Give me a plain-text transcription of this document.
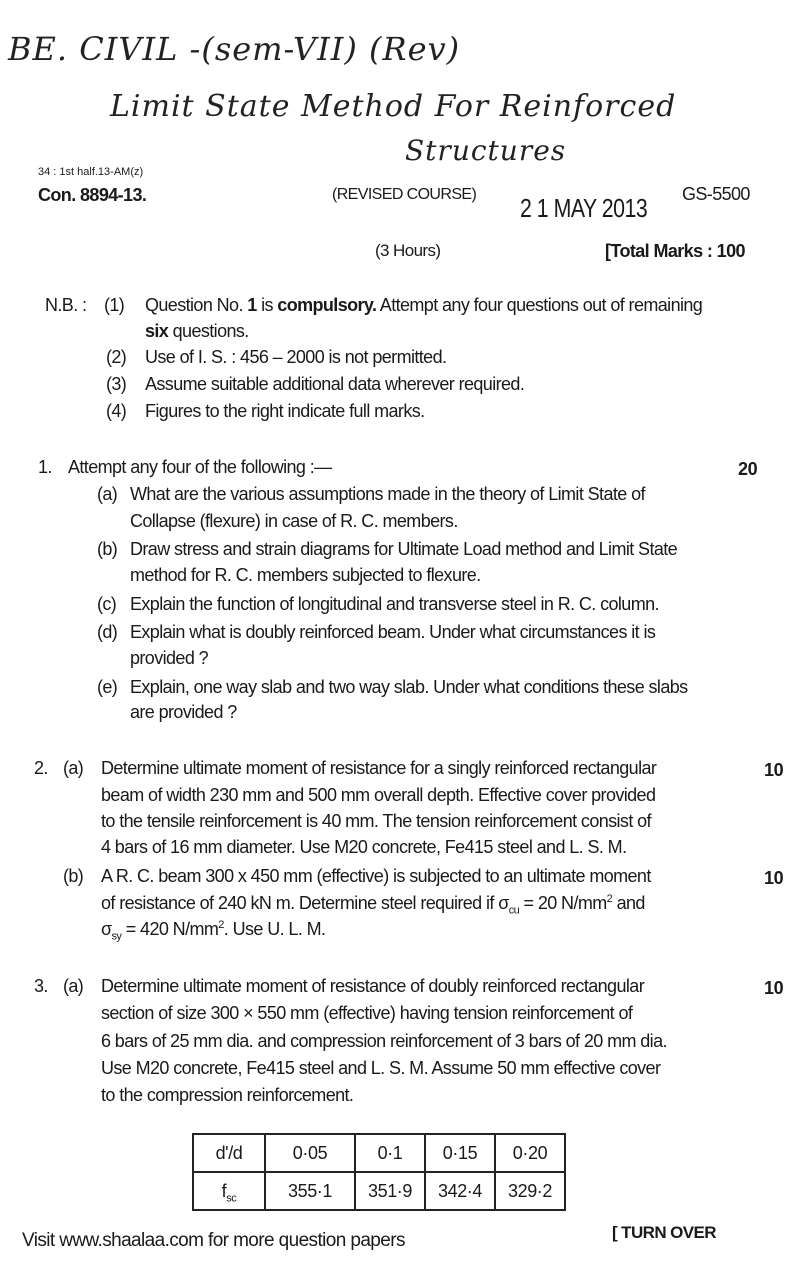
BE. CIVIL -(sem-VII) (Rev)
Limit State Method For Reinforced
Structures
34 : 1st half.13-AM(z)
Con. 8894-13.	(REVISED COURSE) 2 1 MAY 2013 GS-5500
(3 Hours)	[Total Marks : 100
N.B. : (1) Question No. 1 is compulsory. Attempt any four questions out of remaining
six questions.
(2) Use of I. S. : 456 – 2000 is not permitted.
(3) Assume suitable additional data wherever required.
(4) Figures to the right indicate full marks.
1. Attempt any four of the following :—	20
(a) What are the various assumptions made in the theory of Limit State of
Collapse (flexure) in case of R. C. members.
(b) Draw stress and strain diagrams for Ultimate Load method and Limit State
method for R. C. members subjected to flexure.
(c) Explain the function of longitudinal and transverse steel in R. C. column.
(d) Explain what is doubly reinforced beam. Under what circumstances it is
provided ?
(e) Explain, one way slab and two way slab. Under what conditions these slabs
are provided ?
2. (a)	10
Determine ultimate moment of resistance for a singly reinforced rectangular
beam of width 230 mm and 500 mm overall depth. Effective cover provided
to the tensile reinforcement is 40 mm. The tension reinforcement consist of
4 bars of 16 mm diameter. Use M20 concrete, Fe415 steel and L. S. M.
(b)	10
A R. C. beam 300 x 450 mm (effective) is subjected to an ultimate moment
of resistance of 240 kN m. Determine steel required if $\sigma_{cu} = 20$ $N/mm^2$ and
$\sigma_{sy} = 420$ $N/mm^2$. Use U. L. M.
3. (a)	10
Determine ultimate moment of resistance of doubly reinforced rectangular
section of size 300 × 550 mm (effective) having tension reinforcement of
6 bars of 25 mm dia. and compression reinforcement of 3 bars of 20 mm dia.
Use M20 concrete, Fe415 steel and L. S. M. Assume 50 mm effective cover
to the compression reinforcement.
d'/d	0·05	0·1	0·15	0·20
$f_{sc}$	355·1	351·9	342·4	329·2
Visit www.shaalaa.com for more question papers	[ TURN OVER
